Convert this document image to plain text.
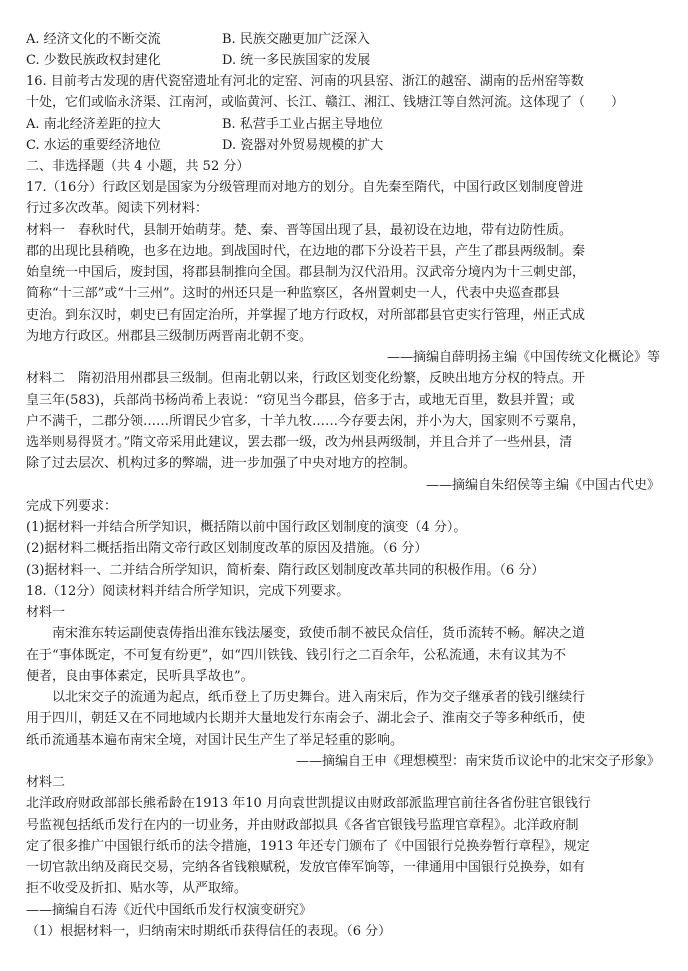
A. 经济文化的不断交流	B. 民族交融更加广泛深入
C. 少数民族政权封建化	D. 统一多民族国家的发展
16. 目前考古发现的唐代瓷窑遗址有河北的定窑、河南的巩县窑、浙江的越窑、湖南的岳州窑等数
十处，它们或临永济渠、江南河，或临黄河、长江、赣江、湘江、钱塘江等自然河流。这体现了（　　）
A. 南北经济差距的拉大	B. 私营手工业占据主导地位
C. 水运的重要经济地位	D. 瓷器对外贸易规模的扩大
二、非选择题（共 4 小题，共 52 分）
17.（16分）行政区划是国家为分级管理而对地方的划分。自先秦至隋代，中国行政区划制度曾进
行过多次改革。阅读下列材料：
材料一　春秋时代，县制开始萌芽。楚、秦、晋等国出现了县，最初设在边地，带有边防性质。
郡的出现比县稍晚，也多在边地。到战国时代，在边地的郡下分设若干县，产生了郡县两级制。秦
始皇统一中国后，废封国，将郡县制推向全国。郡县制为汉代沿用。汉武帝分境内为十三刺史部，
简称“十三部”或“十三州”。这时的州还只是一种监察区，各州置刺史一人，代表中央巡查郡县
吏治。到东汉时，刺史已有固定治所，并掌握了地方行政权，对所部郡县官吏实行管理，州正式成
为地方行政区。州郡县三级制历两晋南北朝不变。
——摘编自薛明扬主编《中国传统文化概论》等
材料二　隋初沿用州郡县三级制。但南北朝以来，行政区划变化纷繁，反映出地方分权的特点。开
皇三年(583)，兵部尚书杨尚希上表说：“窃见当今郡县，倍多于古，或地无百里，数县并置；或
户不满千，二郡分领……所谓民少官多，十羊九牧……今存要去闲，并小为大，国家则不亏粟帛，
选举则易得贤才。”隋文帝采用此建议，罢去郡一级，改为州县两级制，并且合并了一些州县，清
除了过去层次、机构过多的弊端，进一步加强了中央对地方的控制。
——摘编自朱绍侯等主编《中国古代史》
完成下列要求：
(1)据材料一并结合所学知识，概括隋以前中国行政区划制度的演变（4 分）。
(2)据材料二概括指出隋文帝行政区划制度改革的原因及措施。（6 分）
(3)据材料一、二并结合所学知识，简析秦、隋行政区划制度改革共同的积极作用。（6 分）
18.（12分）阅读材料并结合所学知识，完成下列要求。
材料一
南宋淮东转运副使袁俦指出淮东钱法屡变，致使币制不被民众信任，货币流转不畅。解决之道
在于“事体既定，不可复有纷更”，如“四川铁钱、钱引行之二百余年，公私流通，未有议其为不
便者，良由事体素定，民听具孚故也”。
以北宋交子的流通为起点，纸币登上了历史舞台。进入南宋后，作为交子继承者的钱引继续行
用于四川，朝廷又在不同地域内长期并大量地发行东南会子、湖北会子、淮南交子等多种纸币，使
纸币流通基本遍布南宋全境，对国计民生产生了举足轻重的影响。
——摘编自王申《理想模型：南宋货币议论中的北宋交子形象》
材料二
北洋政府财政部部长熊希龄在1913 年10 月向袁世凯提议由财政部派监理官前往各省份驻官银钱行
号监视包括纸币发行在内的一切业务，并由财政部拟具《各省官银钱号监理官章程》。北洋政府制
定了很多推广中国银行纸币的法令措施，1913 年还专门颁布了《中国银行兑换券暂行章程》，规定
一切官款出纳及商民交易，完纳各省钱粮赋税，发放官俸军饷等，一律通用中国银行兑换券，如有
拒不收受及折扣、贴水等，从严取缔。
——摘编自石涛《近代中国纸币发行权演变研究》
（1）根据材料一，归纳南宋时期纸币获得信任的表现。（6 分）
